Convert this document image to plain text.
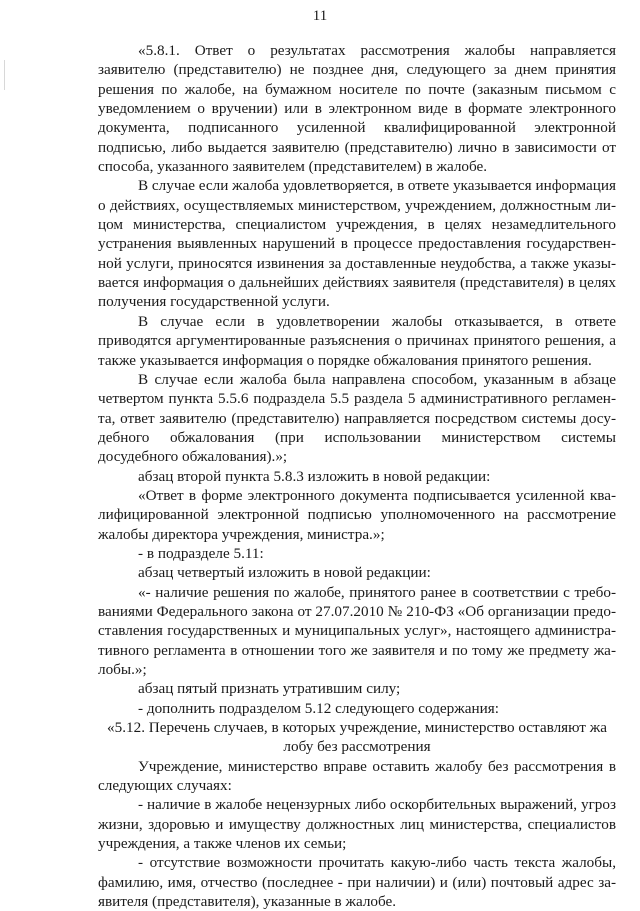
11

«5.8.1. Ответ о результатах рассмотрения жалобы направляется заявителю (представителю) не позднее дня, следующего за днем принятия решения по жалобе, на бумажном носителе по почте (заказным письмом с уведомлением о вручении) или в электронном виде в формате электронного документа, подписанного усиленной квалифицированной электронной подписью, либо выдается заявителю (представителю) лично в зависимости от способа, указанного заявителем (представителем) в жалобе.

В случае если жалоба удовлетворяется, в ответе указывается информация о действиях, осуществляемых министерством, учреждением, должностным лицом министерства, специалистом учреждения, в целях незамедлительного устранения выявленных нарушений в процессе предоставления государственной услуги, приносятся извинения за доставленные неудобства, а также указывается информация о дальнейших действиях заявителя (представителя) в целях получения государственной услуги.

В случае если в удовлетворении жалобы отказывается, в ответе приводятся аргументированные разъяснения о причинах принятого решения, а также указывается информация о порядке обжалования принятого решения.

В случае если жалоба была направлена способом, указанным в абзаце четвертом пункта 5.5.6 подраздела 5.5 раздела 5 административного регламента, ответ заявителю (представителю) направляется посредством системы досудебного обжалования (при использовании министерством системы досудебного обжалования).»;

абзац второй пункта 5.8.3 изложить в новой редакции:

«Ответ в форме электронного документа подписывается усиленной квалифицированной электронной подписью уполномоченного на рассмотрение жалобы директора учреждения, министра.»;

- в подразделе 5.11:

абзац четвертый изложить в новой редакции:

«- наличие решения по жалобе, принятого ранее в соответствии с требованиями Федерального закона от 27.07.2010 № 210-ФЗ «Об организации предоставления государственных и муниципальных услуг», настоящего административного регламента в отношении того же заявителя и по тому же предмету жалобы.»;

абзац пятый признать утратившим силу;

- дополнить подразделом 5.12 следующего содержания:

«5.12. Перечень случаев, в которых учреждение, министерство оставляют жа
лобу без рассмотрения

Учреждение, министерство вправе оставить жалобу без рассмотрения в следующих случаях:

- наличие в жалобе нецензурных либо оскорбительных выражений, угроз жизни, здоровью и имуществу должностных лиц министерства, специалистов учреждения, а также членов их семьи;

- отсутствие возможности прочитать какую-либо часть текста жалобы, фамилию, имя, отчество (последнее - при наличии) и (или) почтовый адрес заявителя (представителя), указанные в жалобе.
